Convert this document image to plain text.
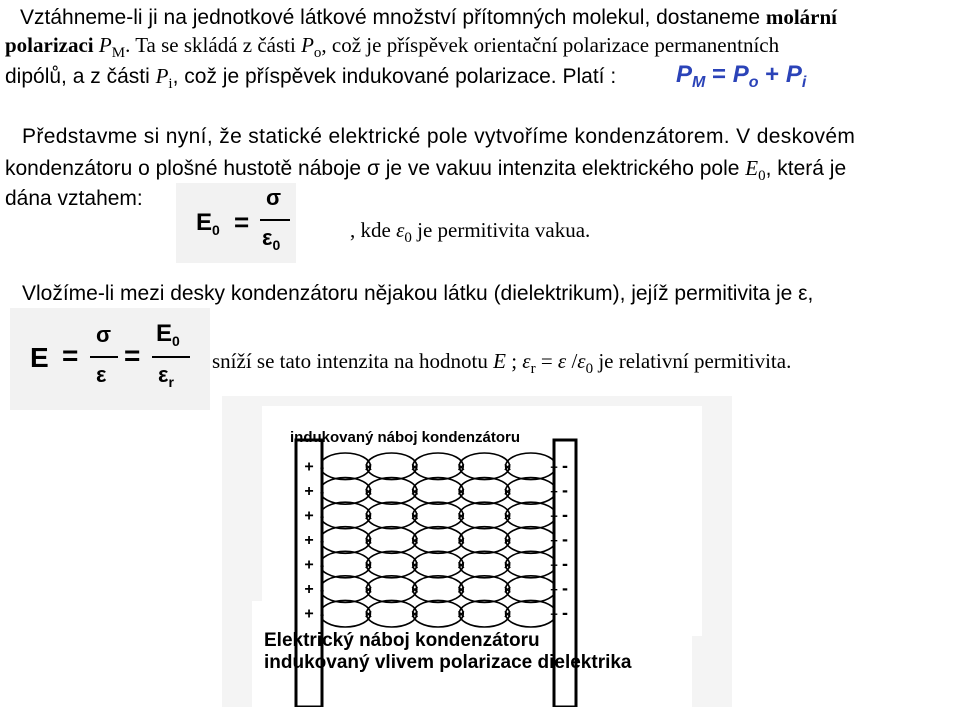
Vztáhneme-li ji na jednotkové látkové množství přítomných molekul, dostaneme molární
polarizaci $P_M$. Ta se skládá z části $P_o$, což je příspěvek orientační polarizace permanentních
dipólů, a z části $P_i$, což je příspěvek indukované polarizace. Platí : $P_M = P_o + P_i$
Představme si nyní, že statické elektrické pole vytvoříme kondenzátorem. V deskovém
kondenzátoru o plošné hustotě náboje σ je ve vakuu intenzita elektrického pole $E_0$, která je
dána vztahem:
$E_0$ =
σ
$\varepsilon_0$
, kde $\varepsilon_0$ je permitivita vakua.
Vložíme-li mezi desky kondenzátoru nějakou látku (dielektrikum), jejíž permitivita je ε,
E =
σ
ε
=
$E_0$
$\varepsilon_r$
sníží se tato intenzita na hodnotu E ; $\varepsilon_r = \varepsilon$ $/\varepsilon_0$ je relativní permitivita.
+	-
+	-
+	-
+	-
+	-
+	-
+	-
-	×	×	×	×	+
-	×	×	×	×	+
-	×	×	×	×	+
-	×	×	×	×	+
-	×	×	×	×	+
-	×	×	×	×	+
-	×	×	×	×	+
indukovaný náboj kondenzátoru
Elektrický náboj kondenzátoru
indukovaný vlivem polarizace dielektrika
